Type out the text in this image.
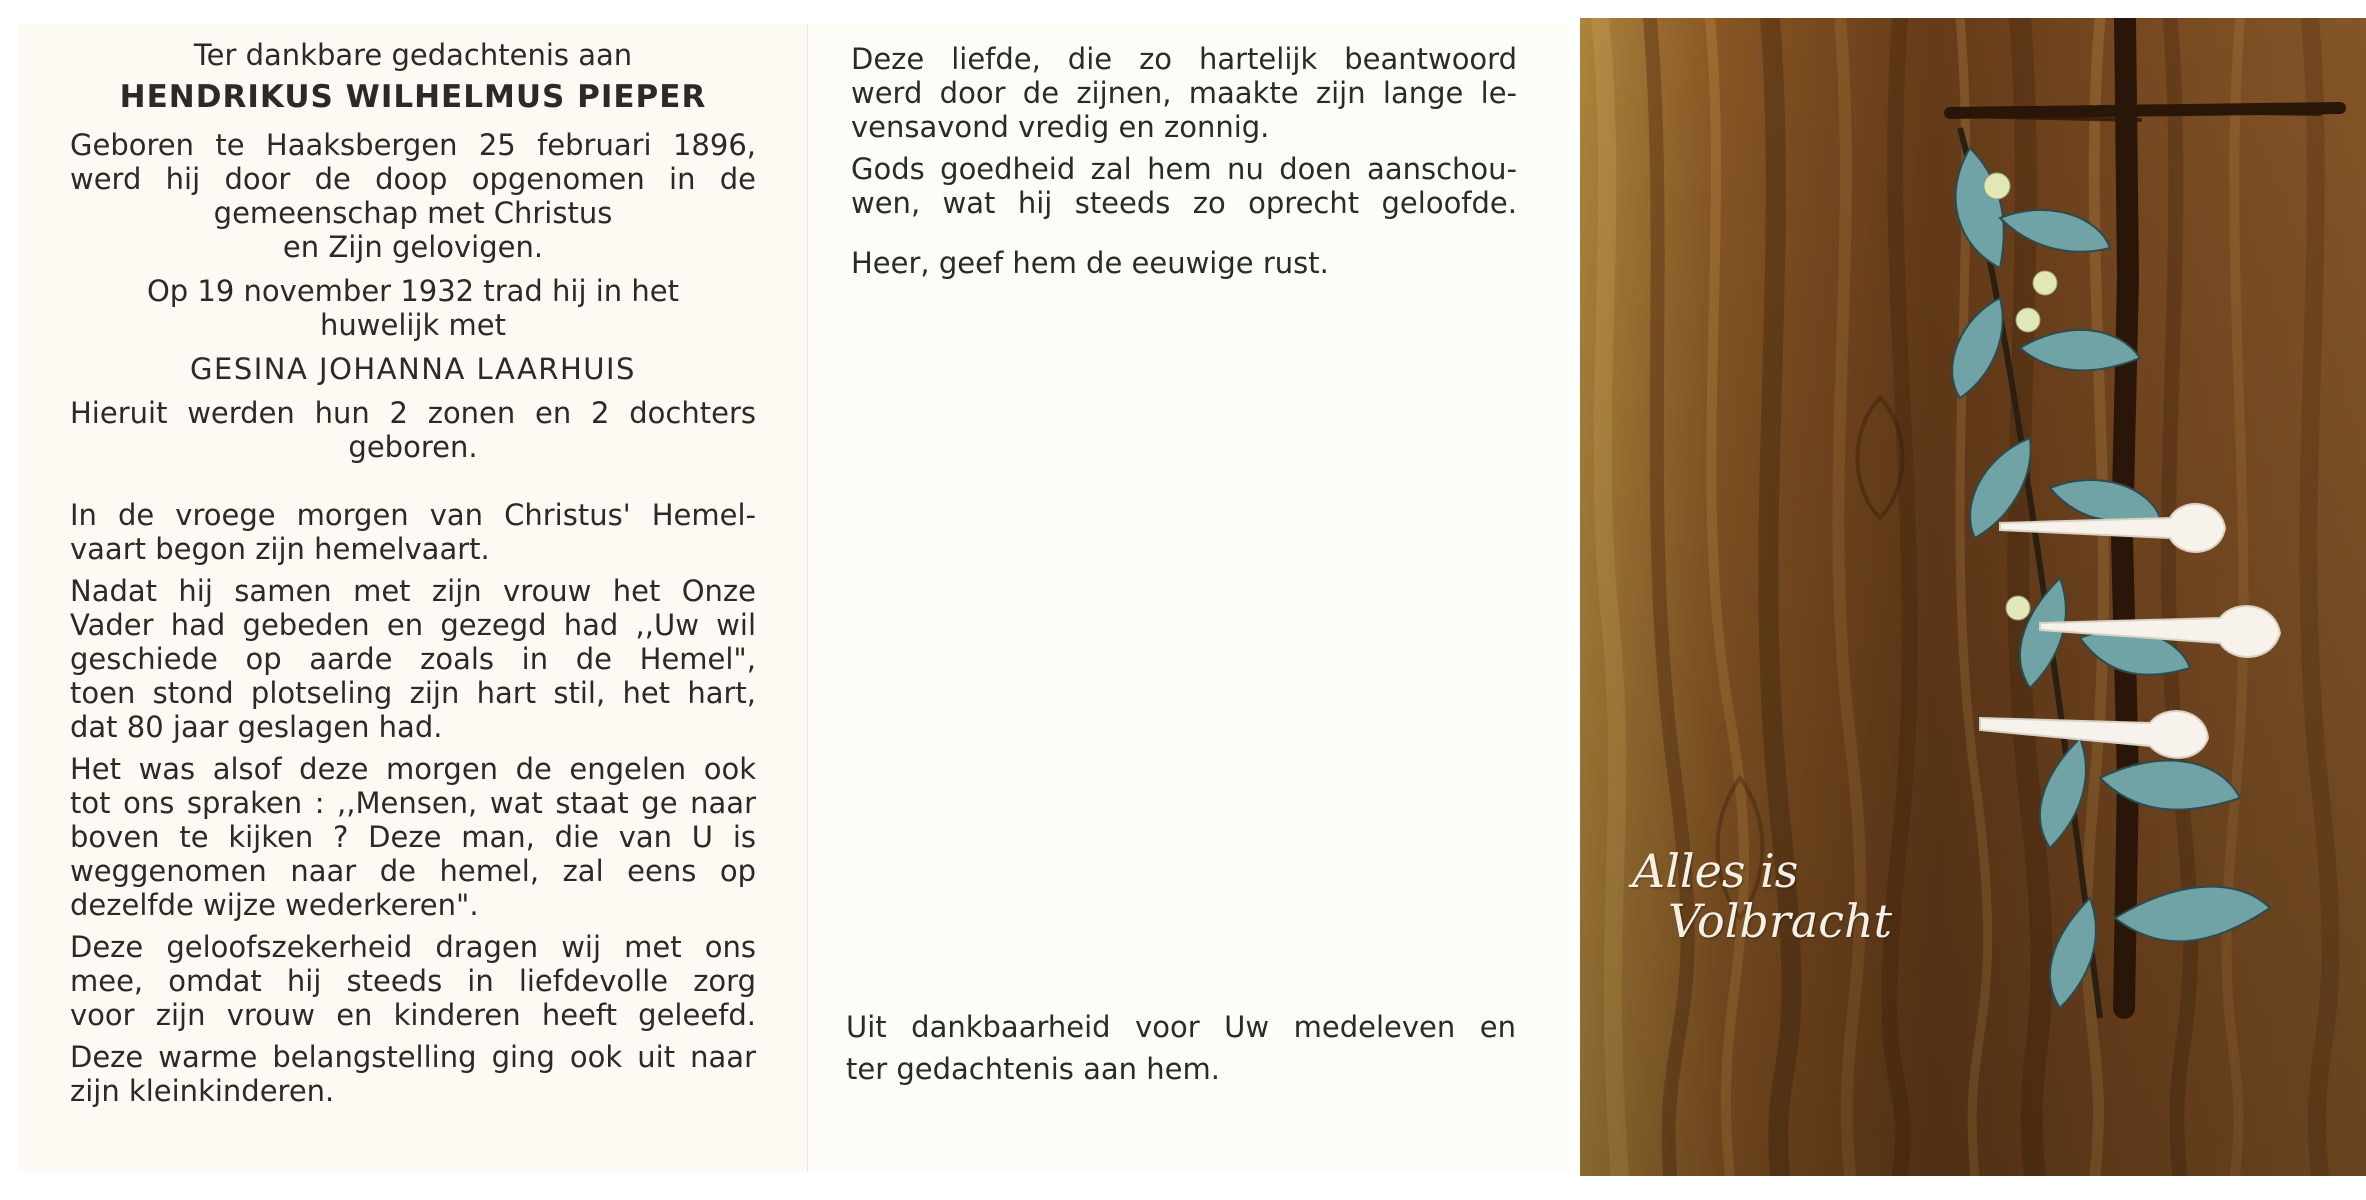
Ter dankbare gedachtenis aan

HENDRIKUS WILHELMUS PIEPER

Geboren te Haaksbergen 25 februari 1896,

werd hij door de doop opgenomen in de

gemeenschap met Christus

en Zijn gelovigen.

Op 19 november 1932 trad hij in het

huwelijk met

GESINA JOHANNA LAARHUIS

Hieruit werden hun 2 zonen en 2 dochters

geboren.

In de vroege morgen van Christus' Hemel-

vaart begon zijn hemelvaart.

Nadat hij samen met zijn vrouw het Onze

Vader had gebeden en gezegd had ,,Uw wil

geschiede op aarde zoals in de Hemel",

toen stond plotseling zijn hart stil, het hart,

dat 80 jaar geslagen had.

Het was alsof deze morgen de engelen ook

tot ons spraken : ,,Mensen, wat staat ge naar

boven te kijken ? Deze man, die van U is

weggenomen naar de hemel, zal eens op

dezelfde wijze wederkeren".

Deze geloofszekerheid dragen wij met ons

mee, omdat hij steeds in liefdevolle zorg

voor zijn vrouw en kinderen heeft geleefd.

Deze warme belangstelling ging ook uit naar

zijn kleinkinderen.

Deze liefde, die zo hartelijk beantwoord

werd door de zijnen, maakte zijn lange le-

vensavond vredig en zonnig.

Gods goedheid zal hem nu doen aanschou-

wen, wat hij steeds zo oprecht geloofde.

Heer, geef hem de eeuwige rust.

Uit dankbaarheid voor Uw medeleven en

ter gedachtenis aan hem.

Alles is

Volbracht
